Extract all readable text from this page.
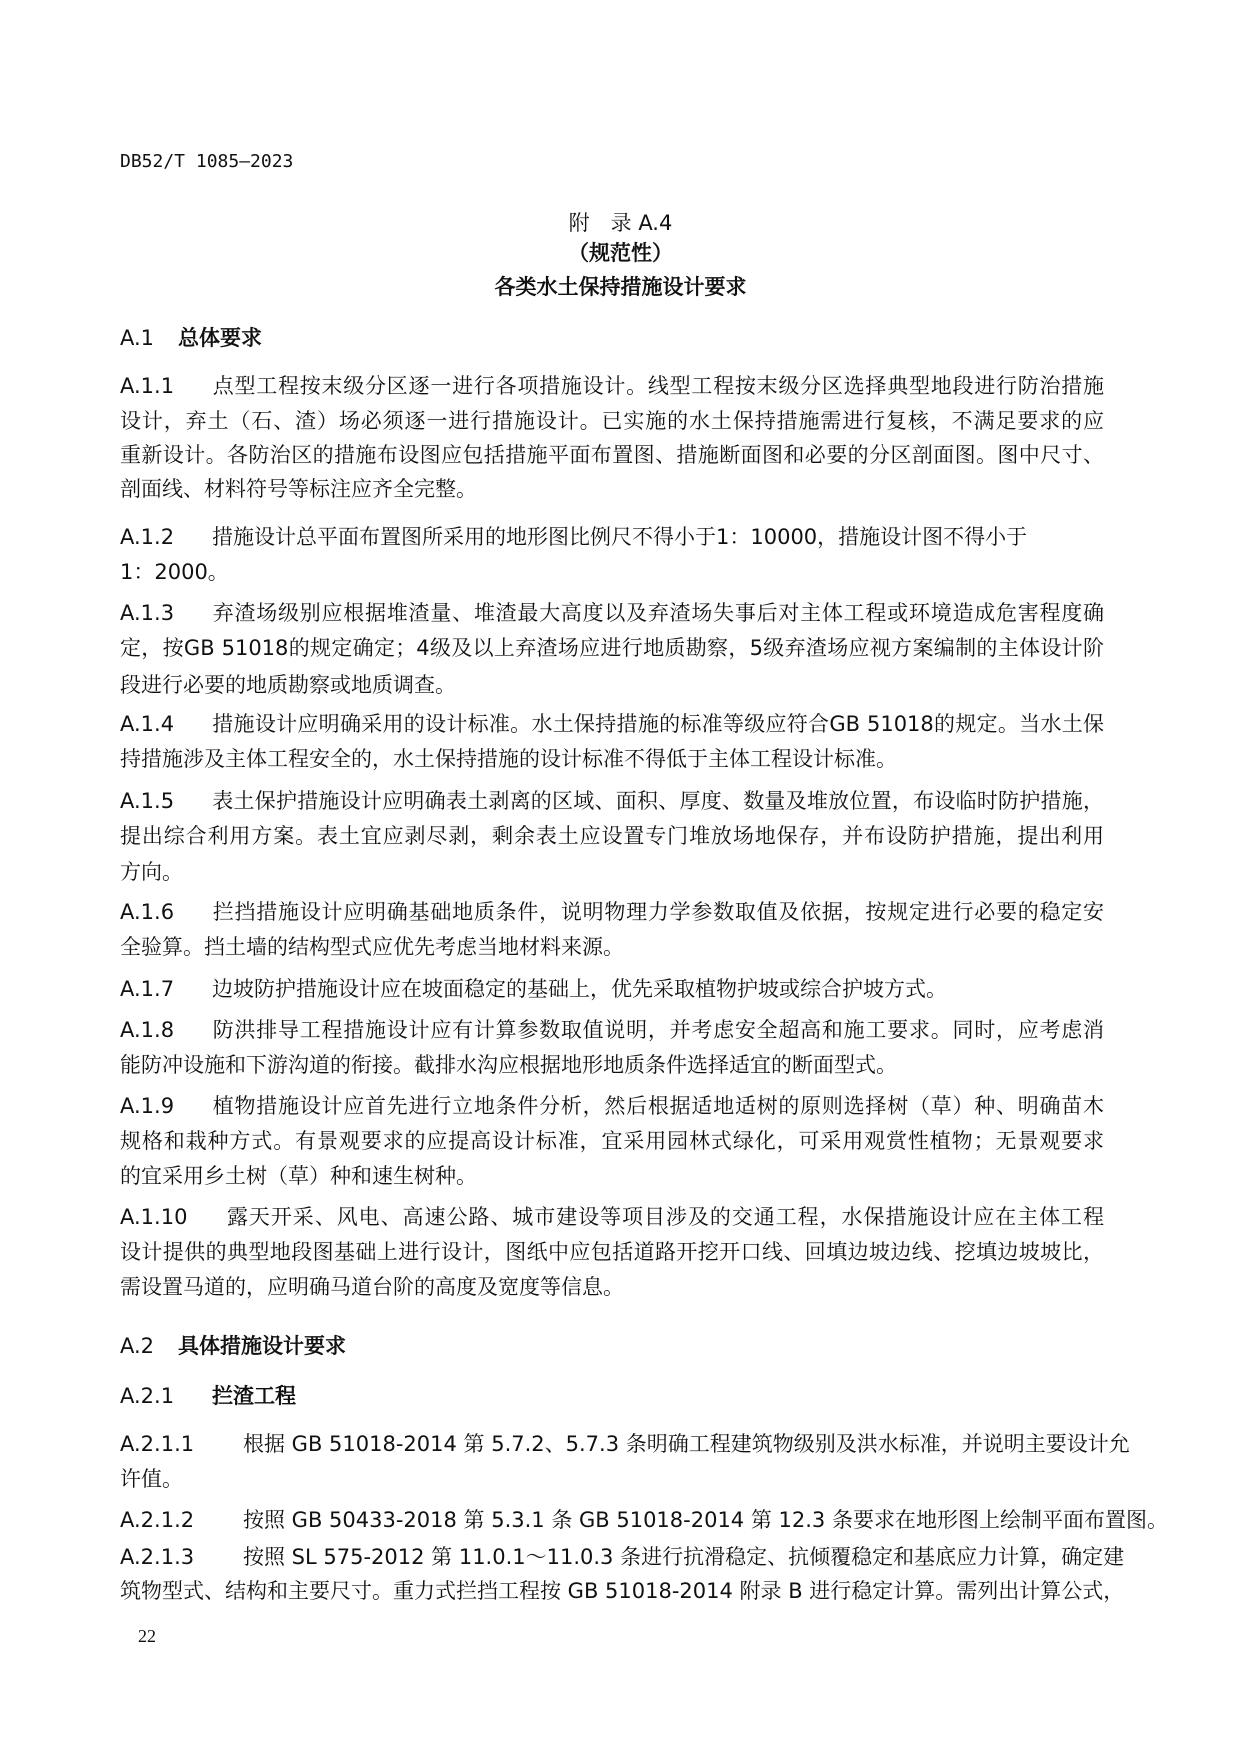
DB52/T 1085—2023
附　录 A.4
（规范性）
各类水土保持措施设计要求
A.1 总体要求
A.1.1 点型工程按末级分区逐一进行各项措施设计。线型工程按末级分区选择典型地段进行防治措施
设计，弃土（石、渣）场必须逐一进行措施设计。已实施的水土保持措施需进行复核，不满足要求的应
重新设计。各防治区的措施布设图应包括措施平面布置图、措施断面图和必要的分区剖面图。图中尺寸、
剖面线、材料符号等标注应齐全完整。
A.1.2 措施设计总平面布置图所采用的地形图比例尺不得小于1：10000，措施设计图不得小于
1：2000。
A.1.3 弃渣场级别应根据堆渣量、堆渣最大高度以及弃渣场失事后对主体工程或环境造成危害程度确
定，按GB 51018的规定确定；4级及以上弃渣场应进行地质勘察，5级弃渣场应视方案编制的主体设计阶
段进行必要的地质勘察或地质调查。
A.1.4 措施设计应明确采用的设计标准。水土保持措施的标准等级应符合GB 51018的规定。当水土保
持措施涉及主体工程安全的，水土保持措施的设计标准不得低于主体工程设计标准。
A.1.5 表土保护措施设计应明确表土剥离的区域、面积、厚度、数量及堆放位置，布设临时防护措施，
提出综合利用方案。表土宜应剥尽剥，剩余表土应设置专门堆放场地保存，并布设防护措施，提出利用
方向。
A.1.6 拦挡措施设计应明确基础地质条件，说明物理力学参数取值及依据，按规定进行必要的稳定安
全验算。挡土墙的结构型式应优先考虑当地材料来源。
A.1.7 边坡防护措施设计应在坡面稳定的基础上，优先采取植物护坡或综合护坡方式。
A.1.8 防洪排导工程措施设计应有计算参数取值说明，并考虑安全超高和施工要求。同时，应考虑消
能防冲设施和下游沟道的衔接。截排水沟应根据地形地质条件选择适宜的断面型式。
A.1.9 植物措施设计应首先进行立地条件分析，然后根据适地适树的原则选择树（草）种、明确苗木
规格和栽种方式。有景观要求的应提高设计标准，宜采用园林式绿化，可采用观赏性植物；无景观要求
的宜采用乡土树（草）种和速生树种。
A.1.10 露天开采、风电、高速公路、城市建设等项目涉及的交通工程，水保措施设计应在主体工程
设计提供的典型地段图基础上进行设计，图纸中应包括道路开挖开口线、回填边坡边线、挖填边坡坡比，
需设置马道的，应明确马道台阶的高度及宽度等信息。
A.2 具体措施设计要求
A.2.1 拦渣工程
A.2.1.1 根据 GB 51018-2014 第 5.7.2、5.7.3 条明确工程建筑物级别及洪水标准，并说明主要设计允
许值。
A.2.1.2 按照 GB 50433-2018 第 5.3.1 条 GB 51018-2014 第 12.3 条要求在地形图上绘制平面布置图。
A.2.1.3 按照 SL 575-2012 第 11.0.1～11.0.3 条进行抗滑稳定、抗倾覆稳定和基底应力计算，确定建
筑物型式、结构和主要尺寸。重力式拦挡工程按 GB 51018-2014 附录 B 进行稳定计算。需列出计算公式，
22
